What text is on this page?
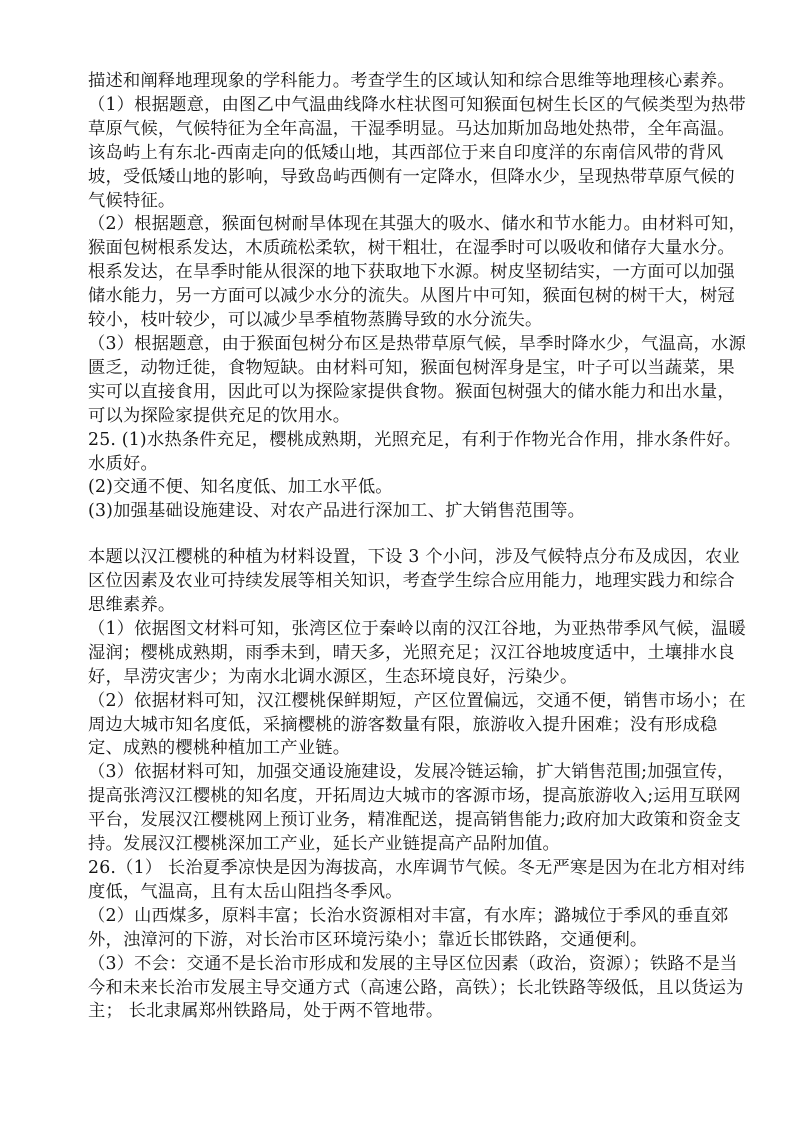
描述和阐释地理现象的学科能力。考查学生的区域认知和综合思维等地理核心素养。

（1）根据题意，由图乙中气温曲线降水柱状图可知猴面包树生长区的气候类型为热带草原气候，气候特征为全年高温，干湿季明显。马达加斯加岛地处热带，全年高温。该岛屿上有东北-西南走向的低矮山地，其西部位于来自印度洋的东南信风带的背风坡，受低矮山地的影响，导致岛屿西侧有一定降水，但降水少，呈现热带草原气候的气候特征。

（2）根据题意，猴面包树耐旱体现在其强大的吸水、储水和节水能力。由材料可知，猴面包树根系发达，木质疏松柔软，树干粗壮，在湿季时可以吸收和储存大量水分。根系发达，在旱季时能从很深的地下获取地下水源。树皮坚韧结实，一方面可以加强储水能力，另一方面可以减少水分的流失。从图片中可知，猴面包树的树干大，树冠较小，枝叶较少，可以减少旱季植物蒸腾导致的水分流失。

（3）根据题意，由于猴面包树分布区是热带草原气候，旱季时降水少，气温高，水源匮乏，动物迁徙，食物短缺。由材料可知，猴面包树浑身是宝，叶子可以当蔬菜，果实可以直接食用，因此可以为探险家提供食物。猴面包树强大的储水能力和出水量，可以为探险家提供充足的饮用水。

25. (1)水热条件充足，樱桃成熟期，光照充足，有利于作物光合作用，排水条件好。水质好。

(2)交通不便、知名度低、加工水平低。

(3)加强基础设施建设、对农产品进行深加工、扩大销售范围等。

本题以汉江樱桃的种植为材料设置，下设 3 个小问，涉及气候特点分布及成因，农业区位因素及农业可持续发展等相关知识，考查学生综合应用能力，地理实践力和综合思维素养。

（1）依据图文材料可知，张湾区位于秦岭以南的汉江谷地，为亚热带季风气候，温暖湿润；樱桃成熟期，雨季未到，晴天多，光照充足；汉江谷地坡度适中，土壤排水良好，旱涝灾害少；为南水北调水源区，生态环境良好，污染少。

（2）依据材料可知，汉江樱桃保鲜期短，产区位置偏远，交通不便，销售市场小；在周边大城市知名度低，采摘樱桃的游客数量有限，旅游收入提升困难；没有形成稳定、成熟的樱桃种植加工产业链。

（3）依据材料可知，加强交通设施建设，发展冷链运输，扩大销售范围;加强宣传，提高张湾汉江樱桃的知名度，开拓周边大城市的客源市场，提高旅游收入;运用互联网平台，发展汉江樱桃网上预订业务，精准配送，提高销售能力;政府加大政策和资金支持。发展汉江樱桃深加工产业，延长产业链提高产品附加值。

26.（1） 长治夏季凉快是因为海拔高，水库调节气候。冬无严寒是因为在北方相对纬度低，气温高，且有太岳山阻挡冬季风。

（2）山西煤多，原料丰富；长治水资源相对丰富，有水库；潞城位于季风的垂直郊外，浊漳河的下游，对长治市区环境污染小；靠近长邯铁路，交通便利。

（3）不会：交通不是长治市形成和发展的主导区位因素（政治，资源）；铁路不是当今和未来长治市发展主导交通方式（高速公路，高铁）；长北铁路等级低，且以货运为主； 长北隶属郑州铁路局，处于两不管地带。
